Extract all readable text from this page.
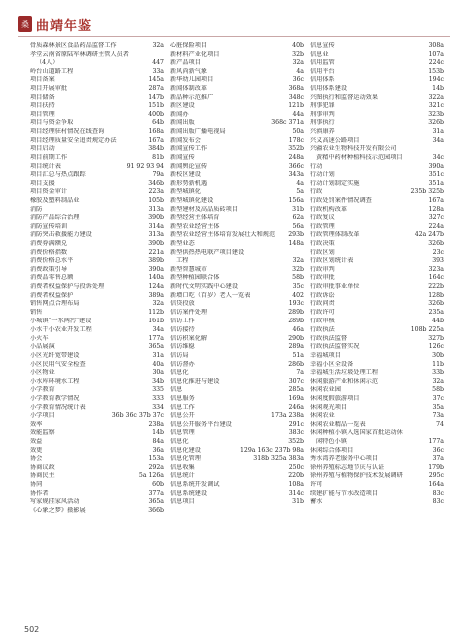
桑 曲靖年鉴
骨质森林景区食品药品监督工作	32a
孝堂云南省原陆军林调研主管人员者
（4人）	447
岭台山道路工程	33a
项目备案	145a
项目开展审批	287a
项目储备	147b
项目扶持	151b
项目管理	400b
项目与资金争取	64b
项目经理驻村情况在线查询	168a
项目经理质量安全追责规定办法	167a
项目启动	384b
项目前期工作	81b
项目统计表	91 92 93 94
项目汇总与热点跟踪	79a
项目支援	346b
项目资金审计	223a
橡胶及塑料制品业	105b
消防	313a
消防产品综合治理	390b
消防宣传培训	314a
消防突击救援能力建设	313a
消费券满额兑	390b
消费价格指数	221a
消费价格总水平	389b
消费政策引导	390a
消费品零售总额	140a
消费者权益保护与投诉处理	124a
消费者权益保护	389a
销售网点合理布局	32a
销售	112b
小城镇"一水两污"建设	161b
小水干小农业开发工程	34a
小火车	177a
小品展演	365a
小区光纤宽带建设	31a
小区民用气安全检查	40a
小区物业	30a
小水库环境水工程	34b
小学教育	335
小学教育教学情况	333
小学教育情况统计表	334
小学项目	36b 36c 37b 37c
效率	238a
效能监察	14b
效益	84a
效更	36a
协会	153a
协商议政	292a
协商民主	5a 126a
协同	60b
协作者	377a
写家规挂家风活动	365a
《心象之梦》摄影展	366b
心脏保险项目	40b
新材料产业化项目	32b
新产品项目	32a
新风尚新气象	4a
新华幼儿园项目	36c
新闻体制改革	368a
新品种示范推广	348c
新区建设	121b
新闻办	44a
新闻出版	368c 371a
新闻出版广播电视局	50a
新闻发布会	178c
新闻宣传工作	352b
新闻宣传	248a
新闻舆论宣传	366c
新校区建设	343a
新形势新机遇	4a
新型城镇化	5a
新型城镇化建设	156a
新型建材及高品质砖项目	31b
新型经营主体培育	62a
新型农业经营主体	56a
新型农业经营主体培育发展壮大和规范	293b
新型业态	148a
新型供热热电联产项目建设
工程	32a
新型智慧城市	32b
新型种植园联合体	58b
新时代文明实践中心建设	35c
新增口吃（百岁）老人一览表	402
信贷投放	193c
信访案件处理	289b
信访工作	289b
信访接待	46a
信访积案化解	290b
信访维稳	289a
信访局	51a
信访督办	286b
信息化	7a
信息化推进与建设	307c
信息	285a
信息服务	169a
信息工作	246a
信息公开	173a 238a
信息公开服务平台建设	291c
信息管理	383c
信息化	352b
信息化建设	129a 163c 237b 98a
信息化管理	318b 325a 383a
信息收集	250c
信息统计	220b
信息系统开发调试	108a
信息系统建设	314c
信息项目	31b
信息宣传	308a
信息业	107a
信用监管	224c
信用平台	153b
信用体系	194c
信用体系建设	14b
兴图执行和监督运动效果	322a
刑事犯罪	321c
刑事审判	323b
刑事执行	326b
兴滇康养	31a
兴义高速公路项目	34a
兴疆农业生物科技开发有限公司
黄精中药材种植科技示范园项目	34c
行动	390a
行动计划	351c
行动计划制定实施	351a
行政	235b 325b
行政处罚案件情况调查	167a
行政机构改革	128a
行政复议	327c
行政管理	224a
行政管理体制改革	42a 247b
行政决策	326b
行政区划	23c
行政区划统计表	393
行政审判	323a
行政审批	164c
行政审批事业单位	222b
行政诉讼	128b
行政问责	326b
行政许可	235a
行政审核	44b
行政执法	108b 225a
行政执法监督	327b
行政执法监督实况	126c
幸福城项目	30b
幸福小区全设备	11b
幸福城生活垃圾处理工程	33b
休闲旅游产业和休闲示范	32a
休闲农业园	58b
休闲度假旅游项目	37c
休闲观光项目	35a
休闲农业	73a
休闲农业精品一览表	74
休闲种植小镇入选国家首批运动休
闲特色小镇	177a
休闲综合体项目	36c
秀水湾养老服务中心项目	37a
徐州养殖标志地节庆与认证	179b
徐州养殖与植物保护技术发展调研	295c
许可	164a
续建扩能与节水改造项目	83c
蓄水	83c
502
